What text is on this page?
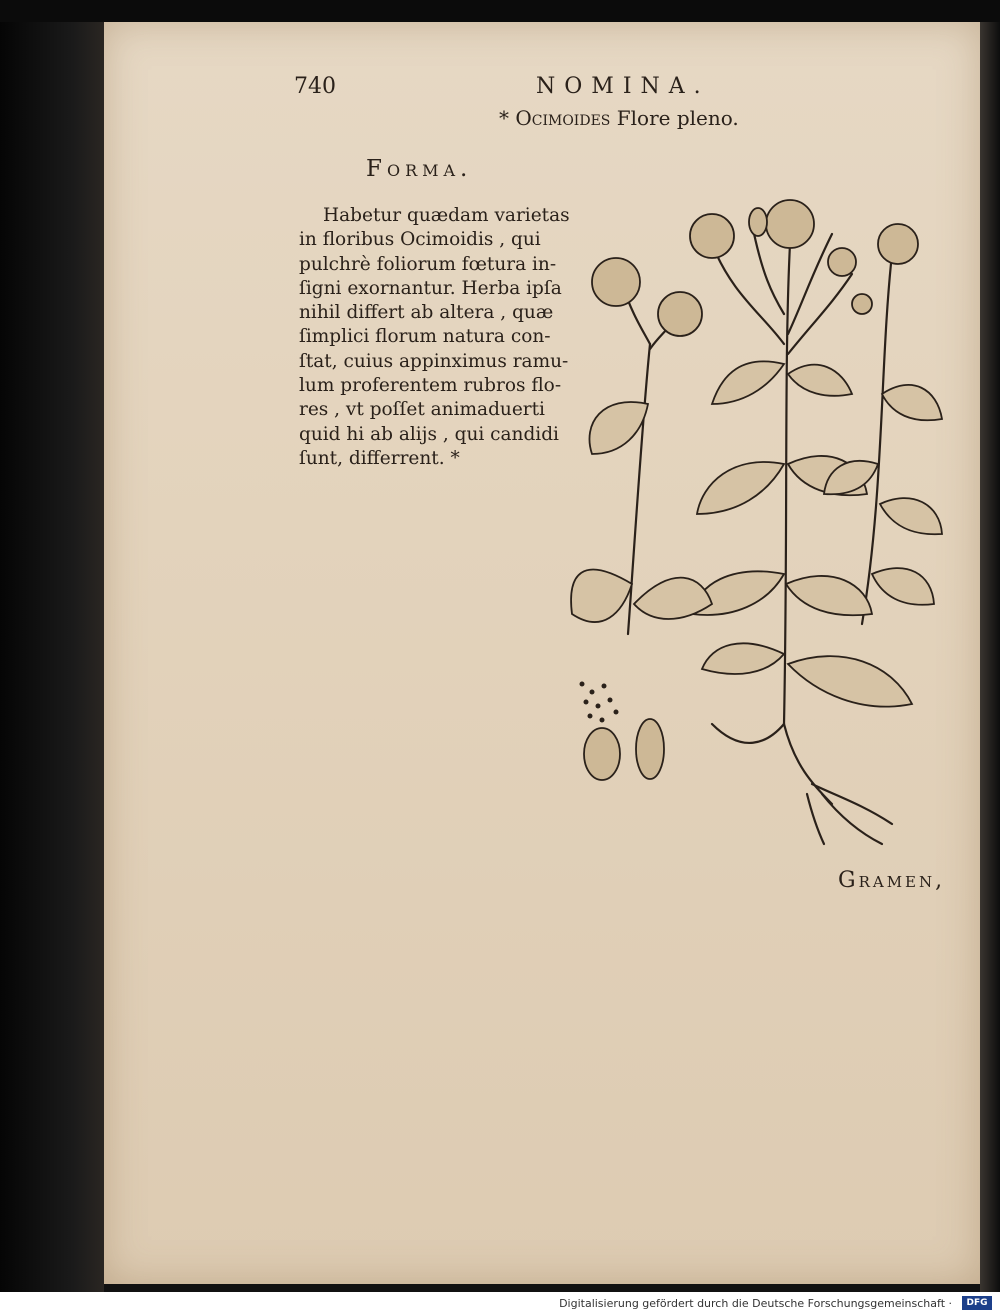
740	NOMINA.
* Ocimoides Flore pleno.
Forma.
Habetur quædam varietas
in floribus Ocimoidis , qui
pulchrè foliorum fœtura in-
ſigni exornantur. Herba ipſa
nihil differt ab altera , quæ
ſimplici florum natura con-
ſtat, cuius appinximus ramu-
lum proferentem rubros flo-
res , vt poſſet animaduerti
quid hi ab alijs , qui candidi
ſunt, differrent. *
Gramen,
Digitalisierung gefördert durch die Deutsche Forschungsgemeinschaft ·	DFG
